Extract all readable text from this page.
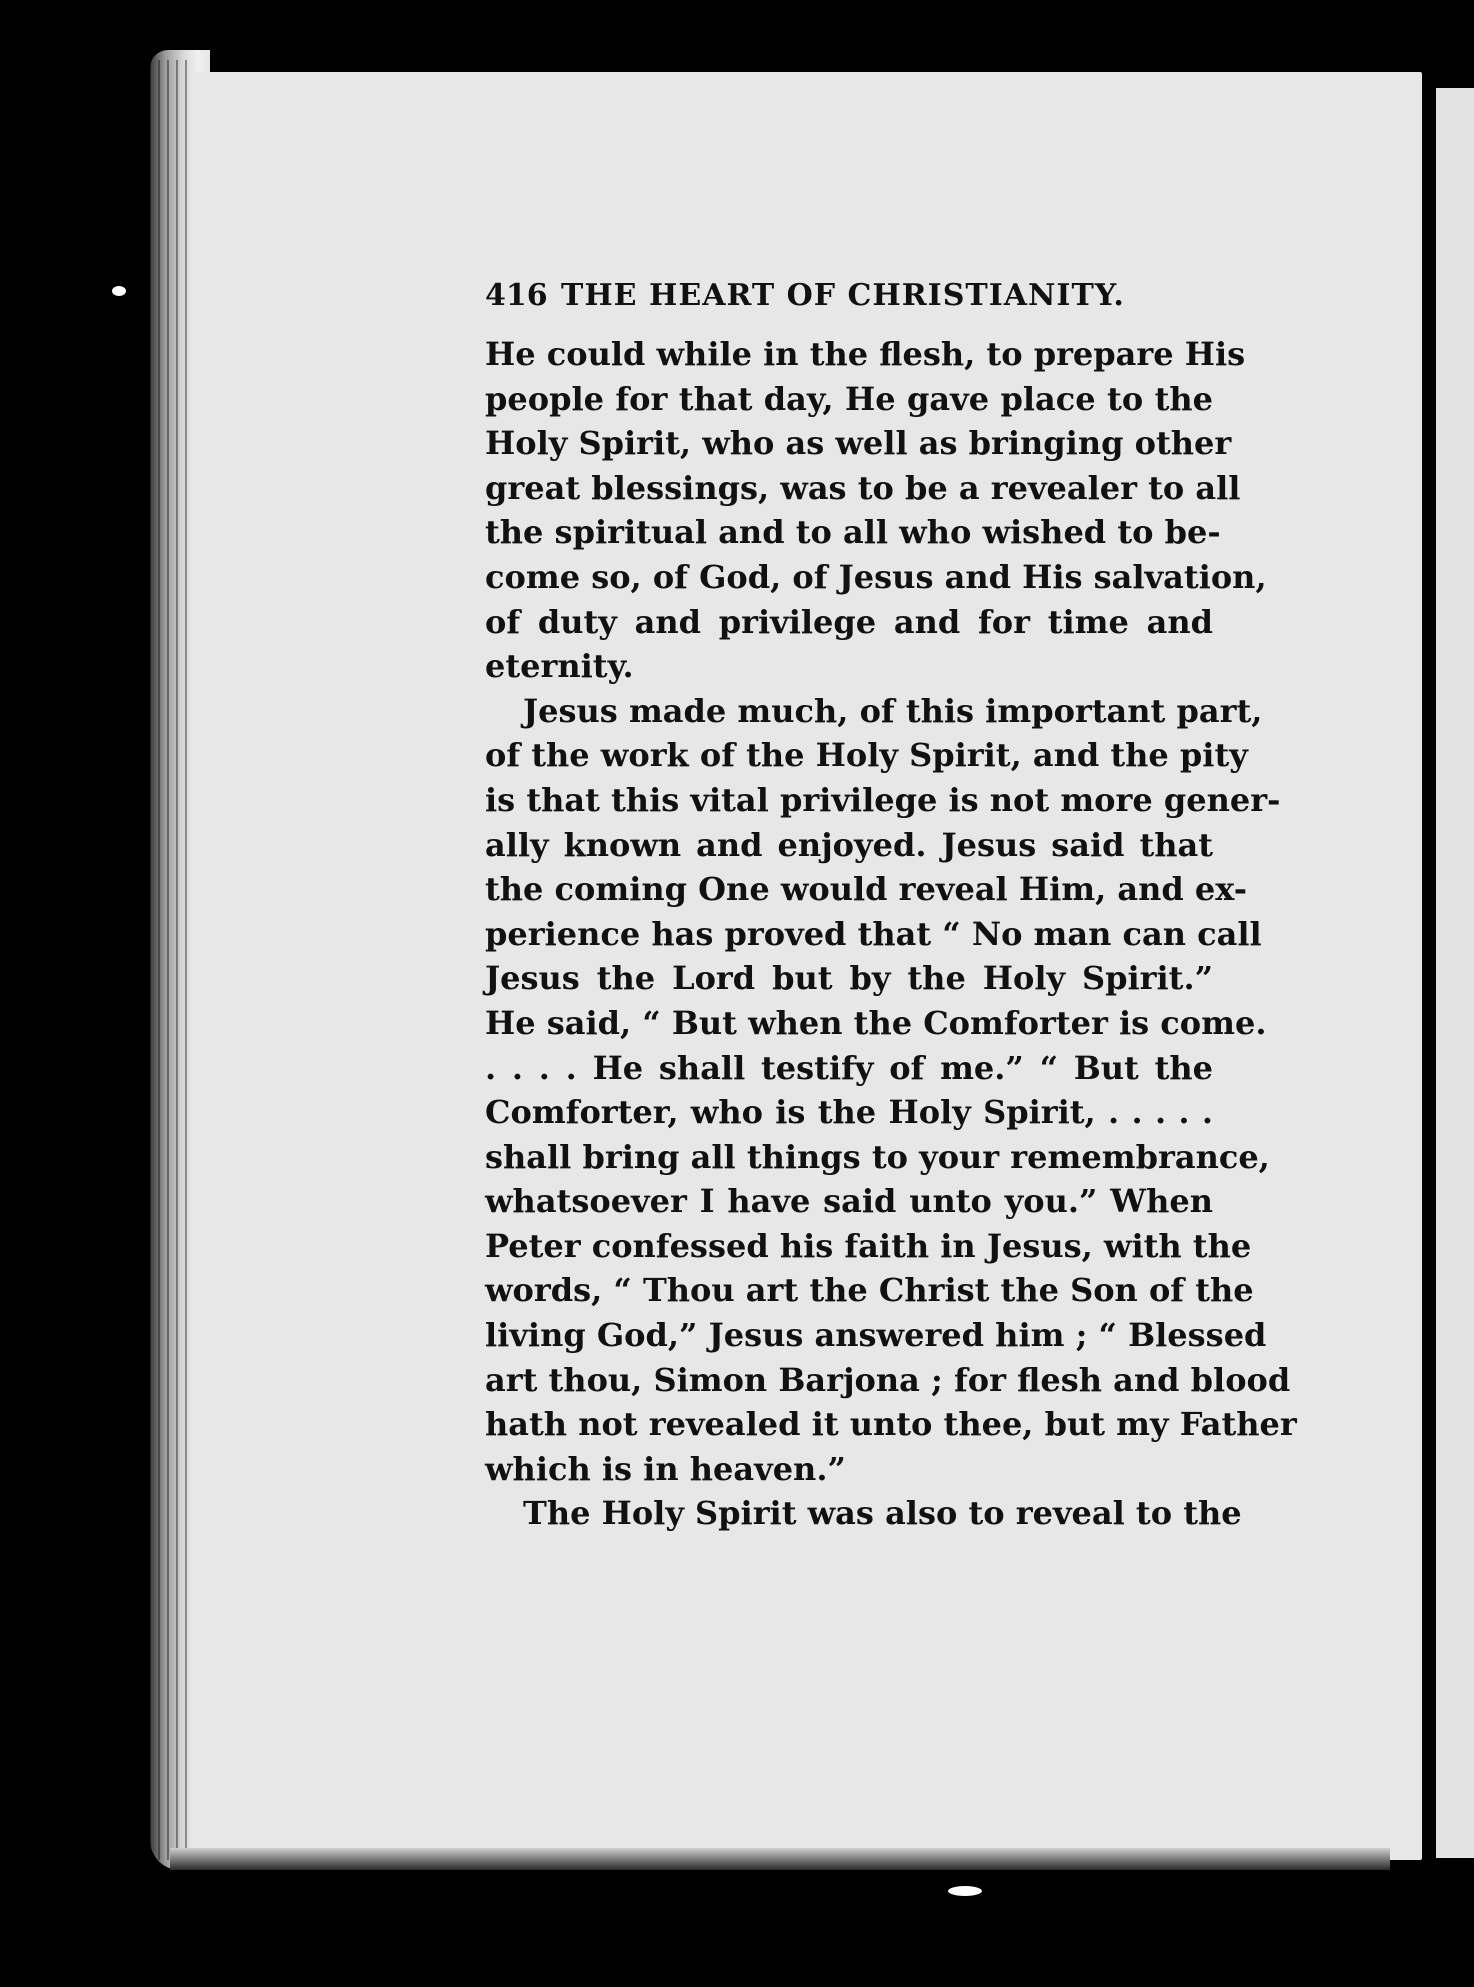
416 THE HEART OF CHRISTIANITY.
He could while in the flesh, to prepare His
people for that day, He gave place to the
Holy Spirit, who as well as bringing other
great blessings, was to be a revealer to all
the spiritual and to all who wished to be-
come so, of God, of Jesus and His salvation,
of duty and privilege and for time and
eternity.
Jesus made much, of this important part,
of the work of the Holy Spirit, and the pity
is that this vital privilege is not more gener-
ally known and enjoyed. Jesus said that
the coming One would reveal Him, and ex-
perience has proved that “ No man can call
Jesus the Lord but by the Holy Spirit.”
He said, “ But when the Comforter is come.
. . . . He shall testify of me.” “ But the
Comforter, who is the Holy Spirit, . . . . .
shall bring all things to your remembrance,
whatsoever I have said unto you.” When
Peter confessed his faith in Jesus, with the
words, “ Thou art the Christ the Son of the
living God,” Jesus answered him ; “ Blessed
art thou, Simon Barjona ; for flesh and blood
hath not revealed it unto thee, but my Father
which is in heaven.”
The Holy Spirit was also to reveal to the
